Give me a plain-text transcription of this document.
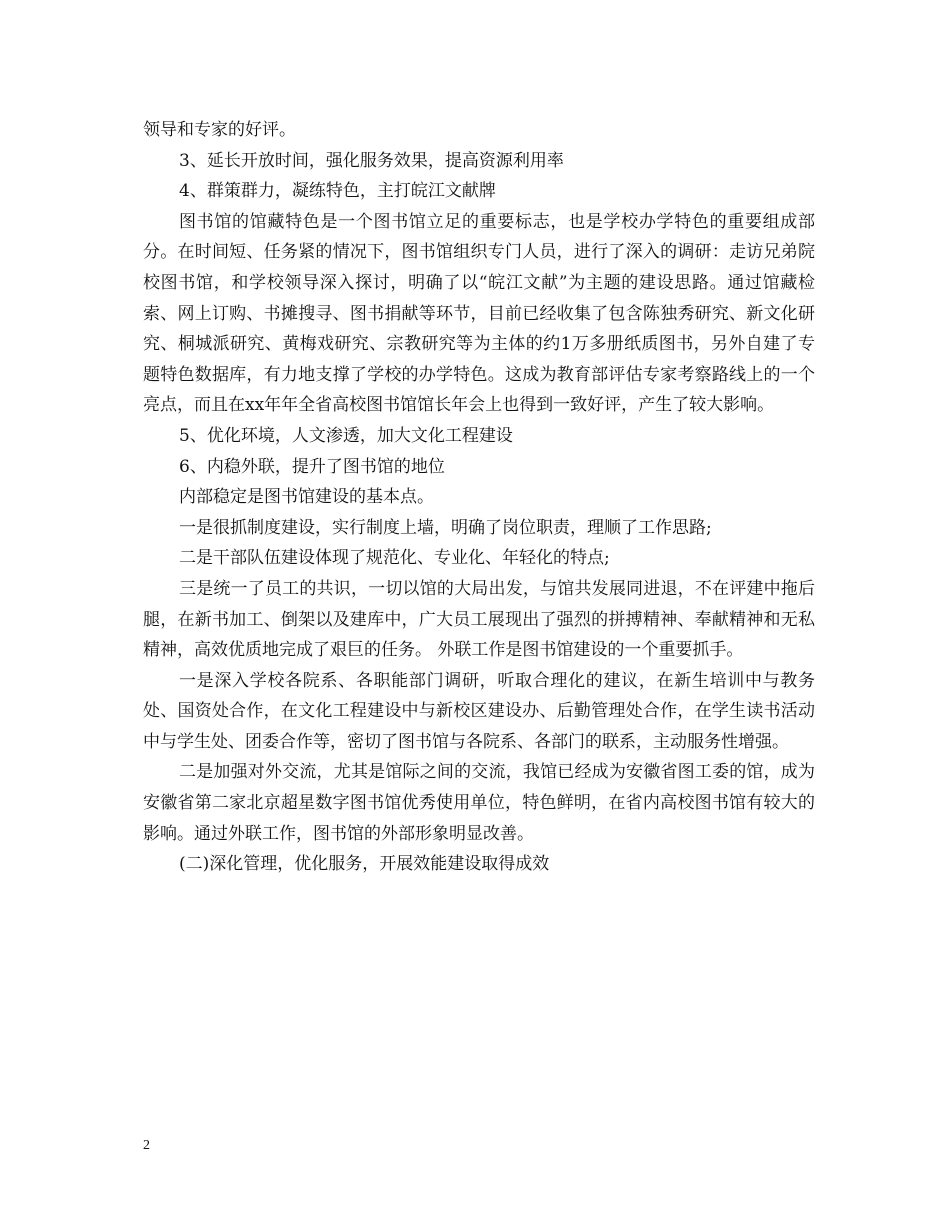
领导和专家的好评。

3、延长开放时间，强化服务效果，提高资源利用率

4、群策群力，凝练特色，主打皖江文献牌

图书馆的馆藏特色是一个图书馆立足的重要标志，也是学校办学特色的重要组成部分。在时间短、任务紧的情况下，图书馆组织专门人员，进行了深入的调研：走访兄弟院校图书馆，和学校领导深入探讨，明确了以“皖江文献”为主题的建设思路。通过馆藏检索、网上订购、书摊搜寻、图书捐献等环节，目前已经收集了包含陈独秀研究、新文化研究、桐城派研究、黄梅戏研究、宗教研究等为主体的约1万多册纸质图书，另外自建了专题特色数据库，有力地支撑了学校的办学特色。这成为教育部评估专家考察路线上的一个亮点，而且在xx年年全省高校图书馆馆长年会上也得到一致好评，产生了较大影响。

5、优化环境，人文渗透，加大文化工程建设

6、内稳外联，提升了图书馆的地位

内部稳定是图书馆建设的基本点。

一是很抓制度建设，实行制度上墙，明确了岗位职责，理顺了工作思路;

二是干部队伍建设体现了规范化、专业化、年轻化的特点;

三是统一了员工的共识，一切以馆的大局出发，与馆共发展同进退，不在评建中拖后腿，在新书加工、倒架以及建库中，广大员工展现出了强烈的拼搏精神、奉献精神和无私精神，高效优质地完成了艰巨的任务。 外联工作是图书馆建设的一个重要抓手。

一是深入学校各院系、各职能部门调研，听取合理化的建议，在新生培训中与教务处、国资处合作，在文化工程建设中与新校区建设办、后勤管理处合作，在学生读书活动中与学生处、团委合作等，密切了图书馆与各院系、各部门的联系，主动服务性增强。

二是加强对外交流，尤其是馆际之间的交流，我馆已经成为安徽省图工委的馆，成为安徽省第二家北京超星数字图书馆优秀使用单位，特色鲜明，在省内高校图书馆有较大的影响。通过外联工作，图书馆的外部形象明显改善。

(二)深化管理，优化服务，开展效能建设取得成效

2
